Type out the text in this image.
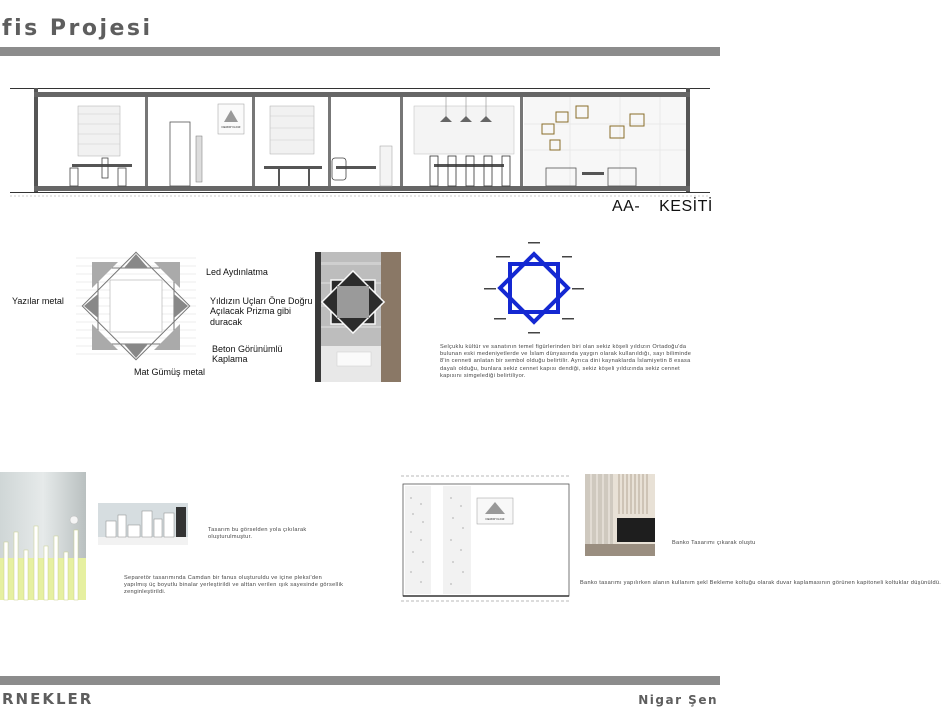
fis Projesi
DEMIRYILDIZ
AA- KESİTİ
Led Aydınlatma
Yazılar metal	Yıldızın Uçları Öne Doğru Açılacak Prizma gibi duracak
Beton Görünümlü Kaplama
Mat Gümüş metal
Selçuklu kültür ve sanatının temel figürlerinden biri olan sekiz köşeli yıldızın Ortadoğu'da bulunan eski medeniyetlerde ve İslam dünyasında yaygın olarak kullanıldığı, sayı biliminde 8'in cenneti anlatan bir sembol olduğu belirtilir. Ayrıca dini kaynaklarda İslamiyetin 8 esasa dayalı olduğu, bunlara sekiz cennet kapısı dendiği, sekiz köşeli yıldızında sekiz cennet kapısını simgelediği belirtiliyor.
Tasarım bu görselden yola çıkılarak oluşturulmuştur.
Separetör tasarımında Camdan bir fanus oluşturuldu ve içine pleksi'den yapılmış üç boyutlu binalar yerleştirildi ve alttan verilen ışık sayesinde görsellik zenginleştirildi.
DEMIRYILDIZ
Banko Tasarımı çıkarak oluştu
Banko tasarımı yapılırken alanın kullanım şekl Bekleme koltuğu olarak duvar kaplamasının görünen kapitoneli koltuklar düşünüldü.
RNEKLER	Nigar Şen
